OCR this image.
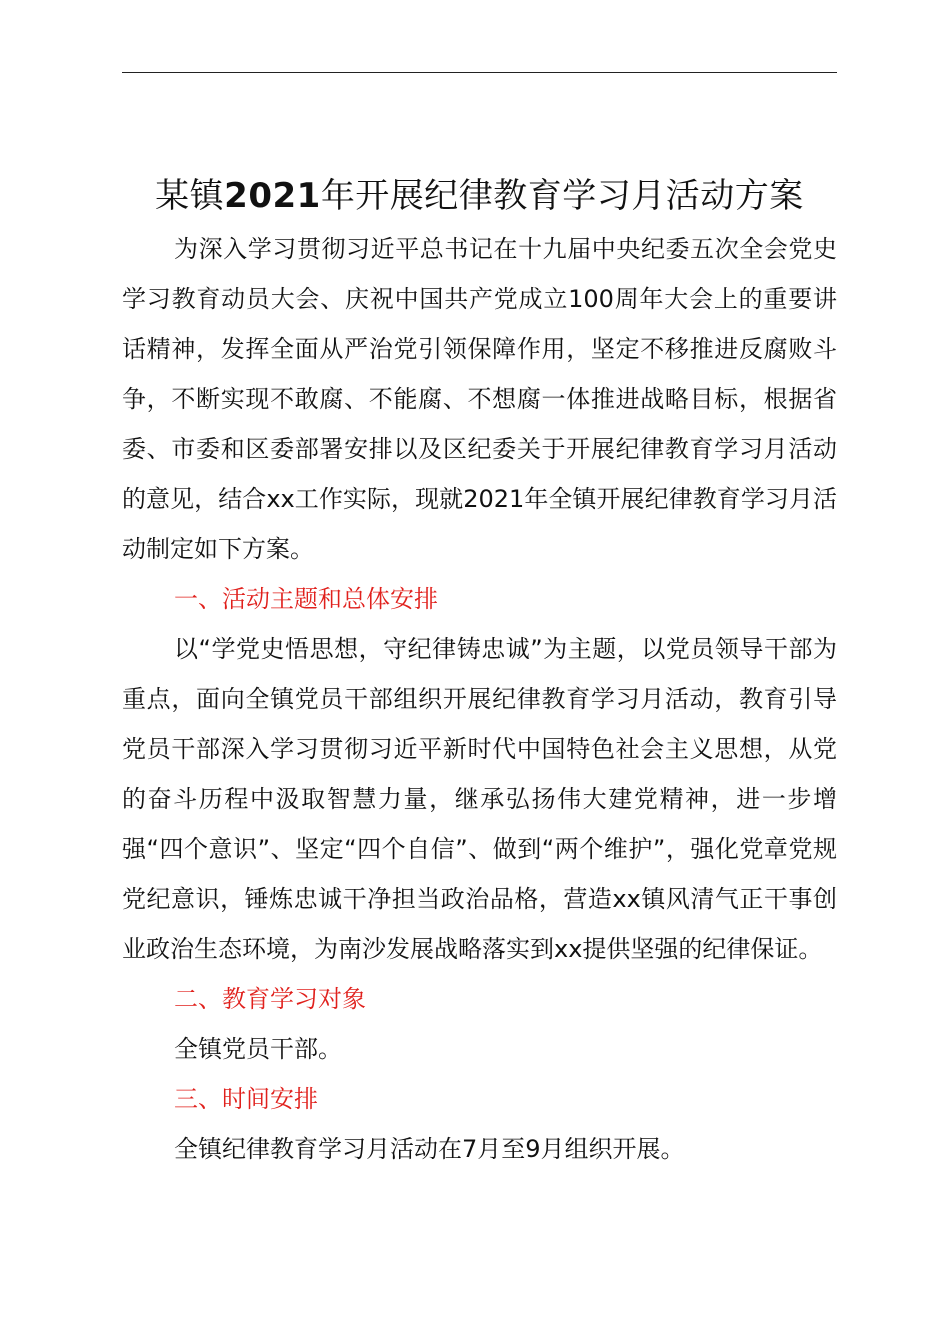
某镇2021年开展纪律教育学习月活动方案

为深入学习贯彻习近平总书记在十九届中央纪委五次全会党史学习教育动员大会、庆祝中国共产党成立100周年大会上的重要讲话精神，发挥全面从严治党引领保障作用，坚定不移推进反腐败斗争，不断实现不敢腐、不能腐、不想腐一体推进战略目标，根据省委、市委和区委部署安排以及区纪委关于开展纪律教育学习月活动的意见，结合xx工作实际，现就2021年全镇开展纪律教育学习月活动制定如下方案。

一、活动主题和总体安排

以“学党史悟思想，守纪律铸忠诚”为主题，以党员领导干部为重点，面向全镇党员干部组织开展纪律教育学习月活动，教育引导党员干部深入学习贯彻习近平新时代中国特色社会主义思想，从党的奋斗历程中汲取智慧力量，继承弘扬伟大建党精神，进一步增强“四个意识”、坚定“四个自信”、做到“两个维护”，强化党章党规党纪意识，锤炼忠诚干净担当政治品格，营造xx镇风清气正干事创业政治生态环境，为南沙发展战略落实到xx提供坚强的纪律保证。

二、教育学习对象

全镇党员干部。

三、时间安排

全镇纪律教育学习月活动在7月至9月组织开展。
